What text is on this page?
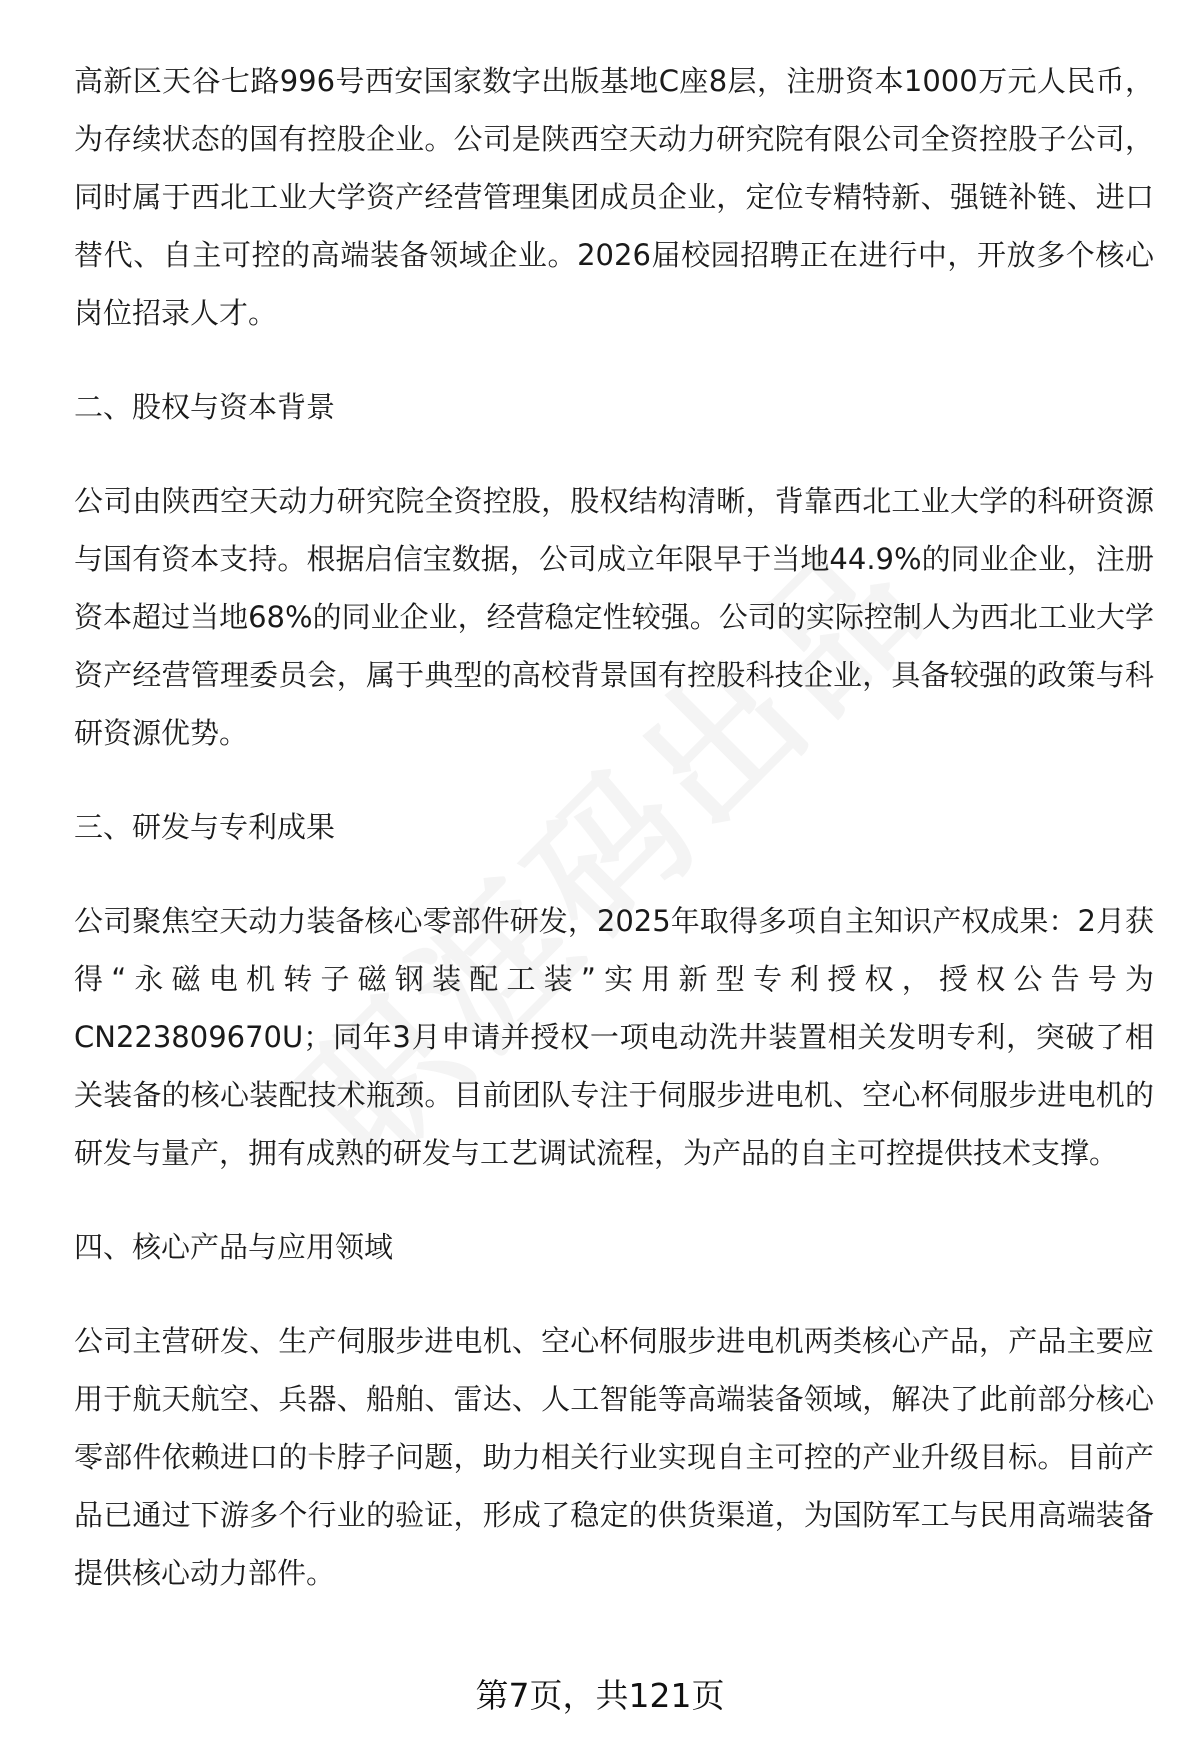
高新区天谷七路996号西安国家数字出版基地C座8层，注册资本1000万元人民币，为存续状态的国有控股企业。公司是陕西空天动力研究院有限公司全资控股子公司，同时属于西北工业大学资产经营管理集团成员企业，定位专精特新、强链补链、进口替代、自主可控的高端装备领域企业。2026届校园招聘正在进行中，开放多个核心岗位招录人才。

二、股权与资本背景

公司由陕西空天动力研究院全资控股，股权结构清晰，背靠西北工业大学的科研资源与国有资本支持。根据启信宝数据，公司成立年限早于当地44.9%的同业企业，注册资本超过当地68%的同业企业，经营稳定性较强。公司的实际控制人为西北工业大学资产经营管理委员会，属于典型的高校背景国有控股科技企业，具备较强的政策与科研资源优势。

三、研发与专利成果

公司聚焦空天动力装备核心零部件研发，2025年取得多项自主知识产权成果：2月获得“永磁电机转子磁钢装配工装”实用新型专利授权，授权公告号为CN223809670U；同年3月申请并授权一项电动洗井装置相关发明专利，突破了相关装备的核心装配技术瓶颈。目前团队专注于伺服步进电机、空心杯伺服步进电机的研发与量产，拥有成熟的研发与工艺调试流程，为产品的自主可控提供技术支撑。

四、核心产品与应用领域

公司主营研发、生产伺服步进电机、空心杯伺服步进电机两类核心产品，产品主要应用于航天航空、兵器、船舶、雷达、人工智能等高端装备领域，解决了此前部分核心零部件依赖进口的卡脖子问题，助力相关行业实现自主可控的产业升级目标。目前产品已通过下游多个行业的验证，形成了稳定的供货渠道，为国防军工与民用高端装备提供核心动力部件。

第7页，共121页
